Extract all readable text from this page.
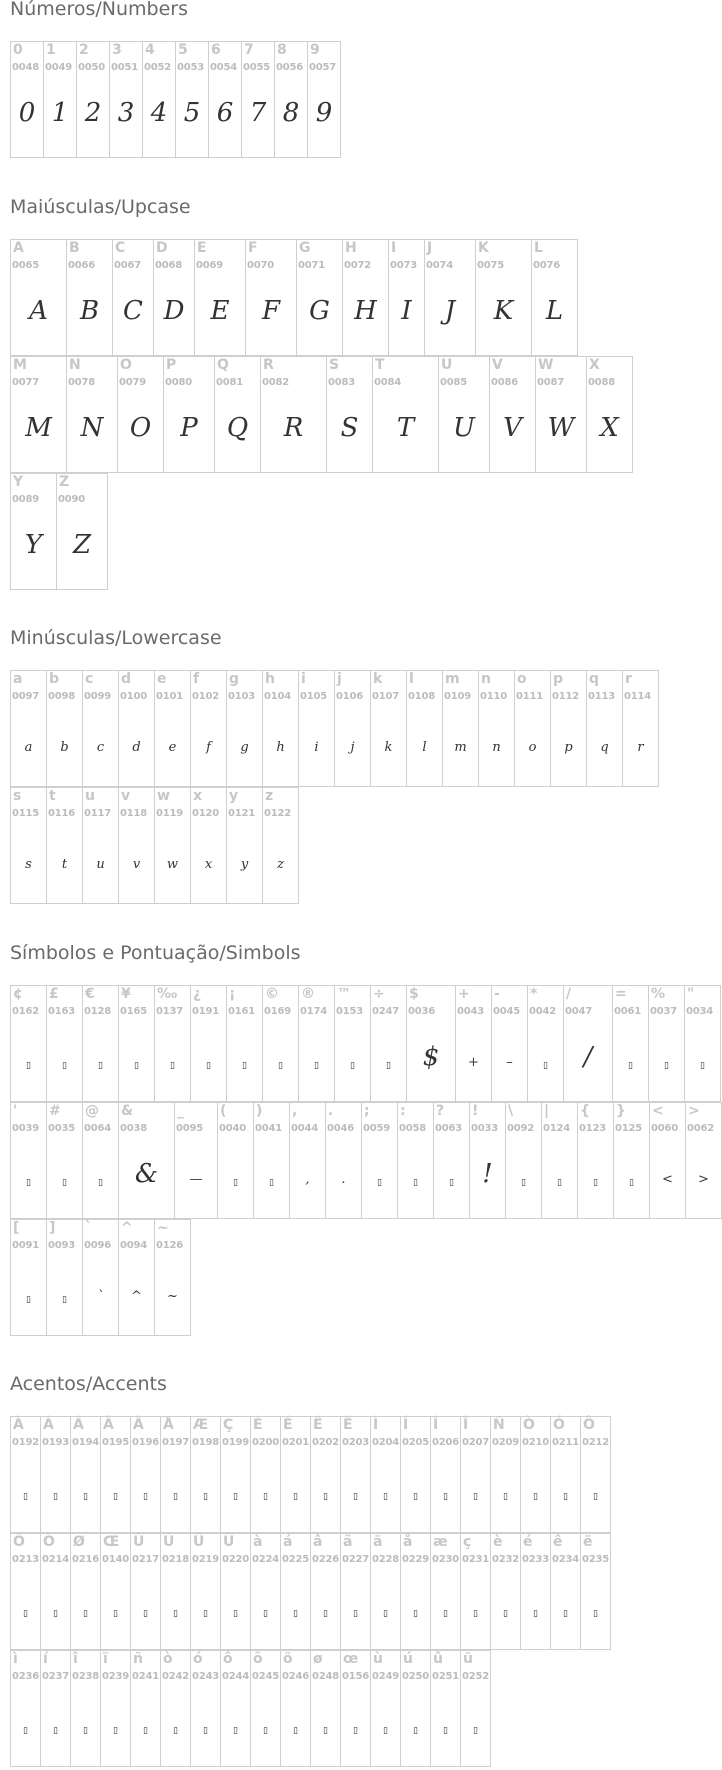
Números/Numbers
0
0048
0
1
0049
1
2
0050
2
3
0051
3
4
0052
4
5
0053
5
6
0054
6
7
0055
7
8
0056
8
9
0057
9
Maiúsculas/Upcase
A
0065
A
B
0066
B
C
0067
C
D
0068
D
E
0069
E
F
0070
F
G
0071
G
H
0072
H
I
0073
I
J
0074
J
K
0075
K
L
0076
L
M
0077
M
N
0078
N
O
0079
O
P
0080
P
Q
0081
Q
R
0082
R
S
0083
S
T
0084
T
U
0085
U
V
0086
V
W
0087
W
X
0088
X
Y
0089
Y
Z
0090
Z
Minúsculas/Lowercase
a
0097
a
b
0098
b
c
0099
c
d
0100
d
e
0101
e
f
0102
f
g
0103
g
h
0104
h
i
0105
i
j
0106
j
k
0107
k
l
0108
l
m
0109
m
n
0110
n
o
0111
o
p
0112
p
q
0113
q
r
0114
r
s
0115
s
t
0116
t
u
0117
u
v
0118
v
w
0119
w
x
0120
x
y
0121
y
z
0122
z
Símbolos e Pontuação/Simbols
¢
0162
▯
£
0163
▯
€
0128
▯
¥
0165
▯
‰
0137
▯
¿
0191
▯
¡
0161
▯
©
0169
▯
®
0174
▯
™
0153
▯
÷
0247
▯
$
0036
$
+
0043
+
-
0045
–
*
0042
▯
/
0047
/
=
0061
▯
%
0037
▯
"
0034
▯
'
0039
▯
#
0035
▯
@
0064
▯
&
0038
&
_
0095
—
(
0040
▯
)
0041
▯
,
0044
,
.
0046
.
;
0059
▯
:
0058
▯
?
0063
▯
!
0033
!
\
0092
▯
|
0124
▯
{
0123
▯
}
0125
▯
<
0060
<
>
0062
>
[
0091
▯
]
0093
▯
`
0096
`
^
0094
^
~
0126
~
Acentos/Accents
À
0192
▯
Á
0193
▯
Â
0194
▯
Ã
0195
▯
Ä
0196
▯
Å
0197
▯
Æ
0198
▯
Ç
0199
▯
È
0200
▯
É
0201
▯
Ê
0202
▯
Ë
0203
▯
Ì
0204
▯
Í
0205
▯
Î
0206
▯
Ï
0207
▯
Ñ
0209
▯
Ò
0210
▯
Ó
0211
▯
Ô
0212
▯
Õ
0213
▯
Ö
0214
▯
Ø
0216
▯
Œ
0140
▯
Ù
0217
▯
Ú
0218
▯
Û
0219
▯
Ü
0220
▯
à
0224
▯
á
0225
▯
â
0226
▯
ã
0227
▯
ä
0228
▯
å
0229
▯
æ
0230
▯
ç
0231
▯
è
0232
▯
é
0233
▯
ê
0234
▯
ë
0235
▯
ì
0236
▯
í
0237
▯
î
0238
▯
ï
0239
▯
ñ
0241
▯
ò
0242
▯
ó
0243
▯
ô
0244
▯
õ
0245
▯
ö
0246
▯
ø
0248
▯
œ
0156
▯
ù
0249
▯
ú
0250
▯
û
0251
▯
ü
0252
▯
